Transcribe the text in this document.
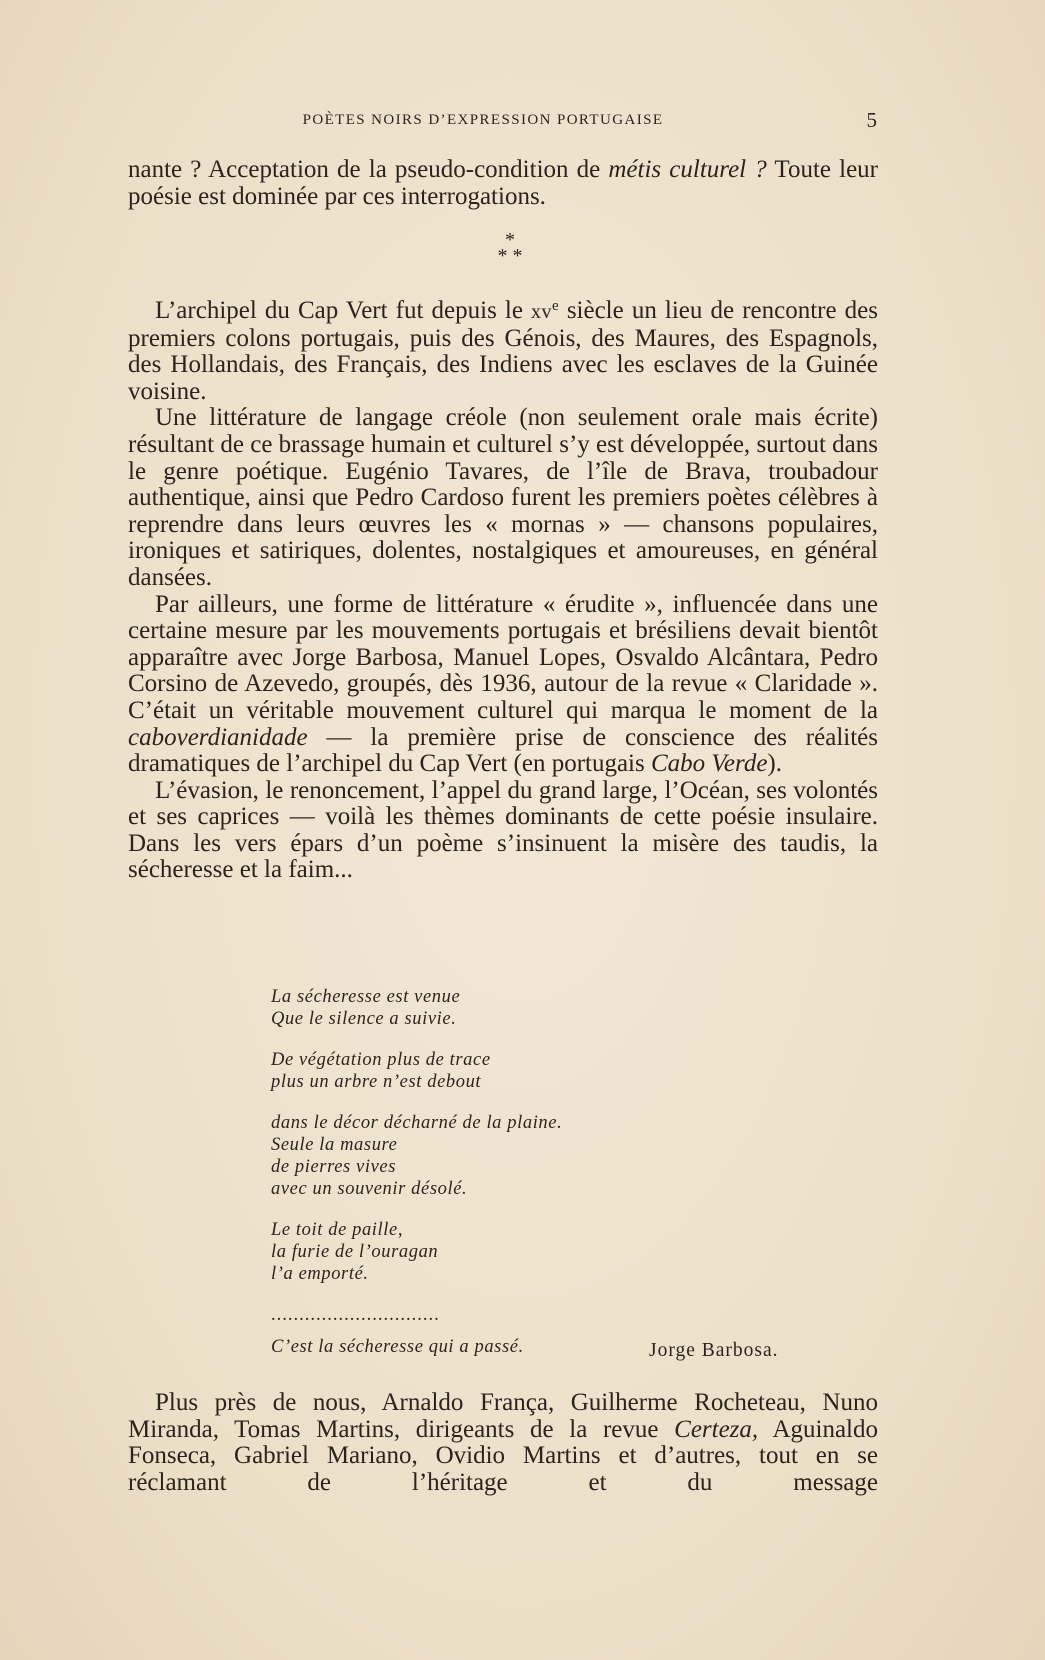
POÈTES NOIRS D’EXPRESSION PORTUGAISE	5

nante ? Acceptation de la pseudo-condition de métis culturel ? Toute leur poésie est dominée par ces interrogations.

*
* *

L’archipel du Cap Vert fut depuis le $xv^e$ siècle un lieu de rencontre des premiers colons portugais, puis des Génois, des Maures, des Espagnols, des Hollandais, des Français, des Indiens avec les esclaves de la Guinée voisine.

Une littérature de langage créole (non seulement orale mais écrite) résultant de ce brassage humain et culturel s’y est développée, surtout dans le genre poétique. Eugénio Tavares, de l’île de Brava, troubadour authentique, ainsi que Pedro Cardoso furent les premiers poètes célèbres à reprendre dans leurs œuvres les « mornas » — chansons populaires, ironiques et satiriques, dolentes, nostalgiques et amoureuses, en général dansées.

Par ailleurs, une forme de littérature « érudite », influencée dans une certaine mesure par les mouvements portugais et brésiliens devait bientôt apparaître avec Jorge Barbosa, Manuel Lopes, Osvaldo Alcântara, Pedro Corsino de Azevedo, groupés, dès 1936, autour de la revue « Claridade ». C’était un véritable mouvement culturel qui marqua le moment de la caboverdianidade — la première prise de conscience des réalités dramatiques de l’archipel du Cap Vert (en portugais Cabo Verde).

L’évasion, le renoncement, l’appel du grand large, l’Océan, ses volontés et ses caprices — voilà les thèmes dominants de cette poésie insulaire. Dans les vers épars d’un poème s’insinuent la misère des taudis, la sécheresse et la faim...

La sécheresse est venue
Que le silence a suivie.
De végétation plus de trace
plus un arbre n’est debout
dans le décor décharné de la plaine.
Seule la masure
de pierres vives
avec un souvenir désolé.
Le toit de paille,
la furie de l’ouragan
l’a emporté.
..............................
C’est la sécheresse qui a passé.	Jorge Barbosa.

Plus près de nous, Arnaldo França, Guilherme Rocheteau, Nuno Miranda, Tomas Martins, dirigeants de la revue Certeza, Aguinaldo Fonseca, Gabriel Mariano, Ovidio Martins et d’autres, tout en se réclamant de l’héritage et du message
